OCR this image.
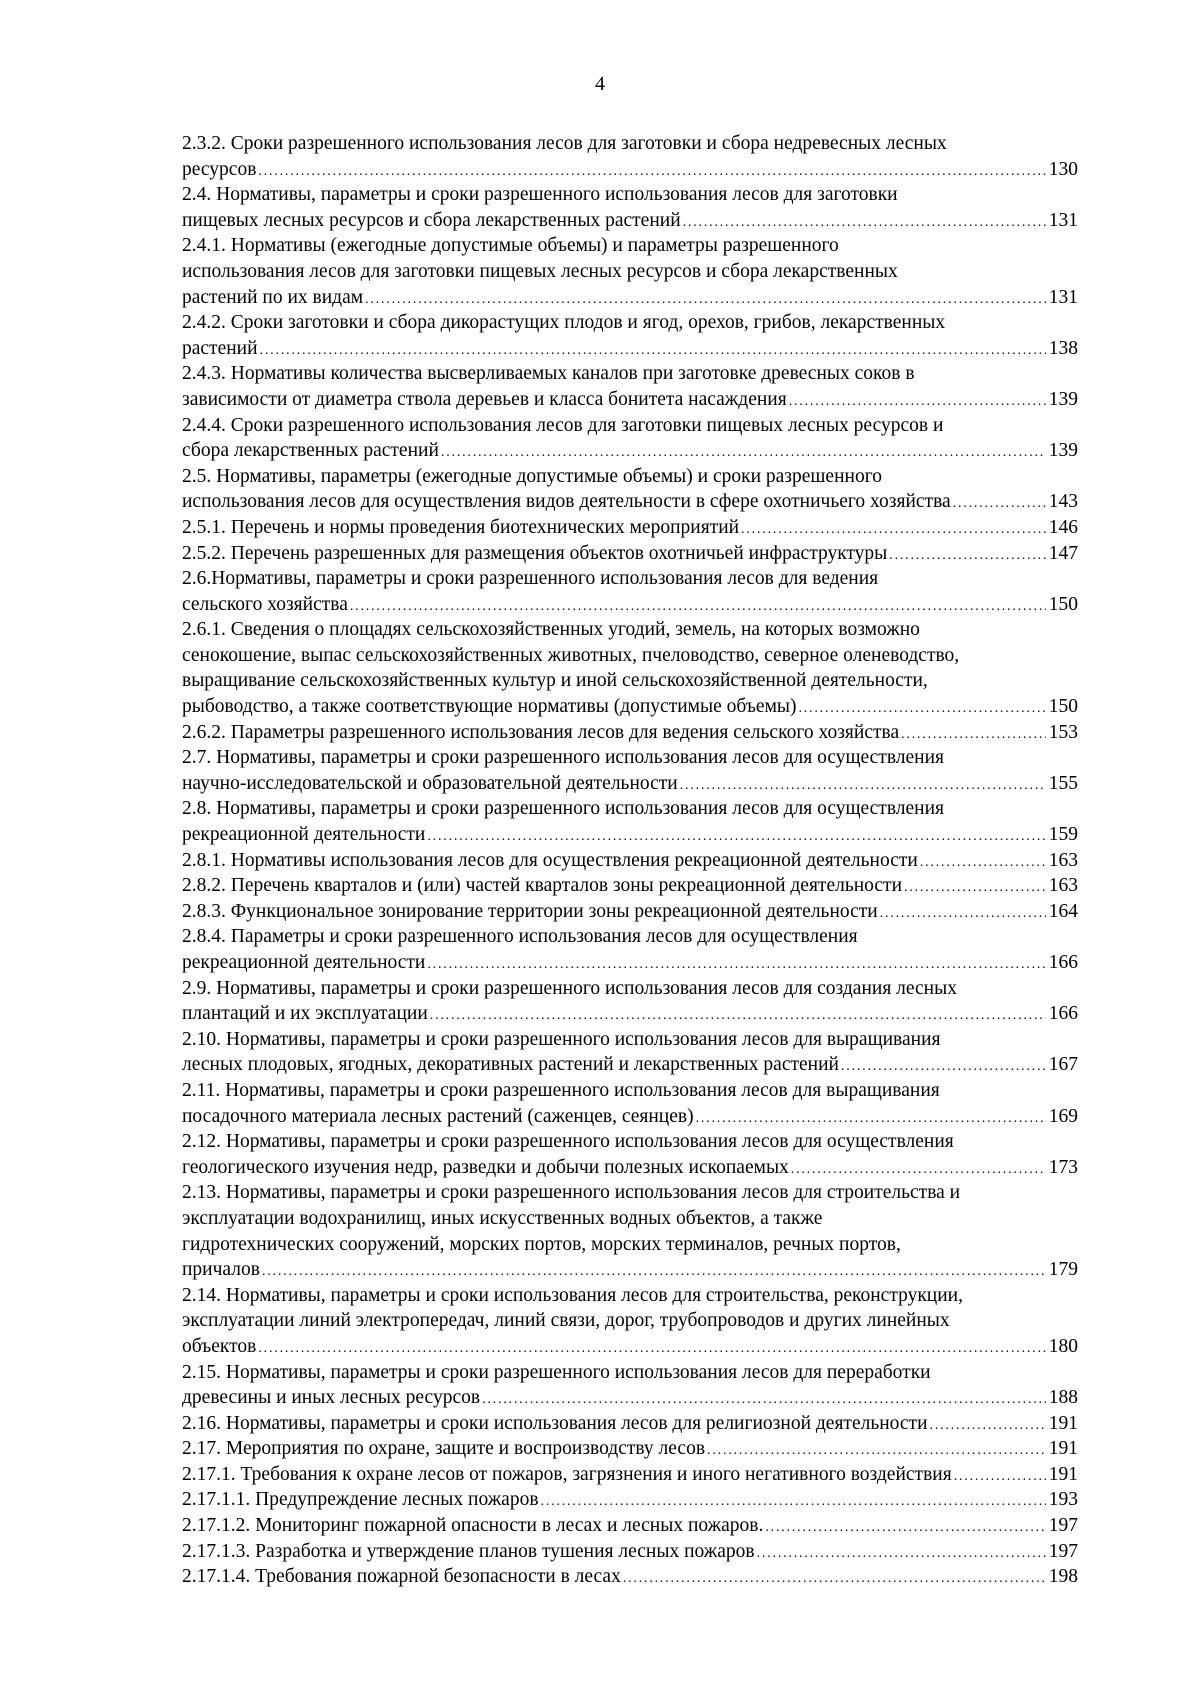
4
2.3.2. Сроки разрешенного использования лесов для заготовки и сбора недревесных лесных
ресурсов .....	130
2.4. Нормативы, параметры и сроки разрешенного использования лесов для заготовки
пищевых лесных ресурсов и сбора лекарственных растений .....	131
2.4.1. Нормативы (ежегодные допустимые объемы) и параметры разрешенного
использования лесов для заготовки пищевых лесных ресурсов и сбора лекарственных
растений по их видам .....	131
2.4.2. Сроки заготовки и сбора дикорастущих плодов и ягод, орехов, грибов, лекарственных
растений .....	138
2.4.3. Нормативы количества высверливаемых каналов при заготовке древесных соков в
зависимости от диаметра ствола деревьев и класса бонитета насаждения .....	139
2.4.4. Сроки разрешенного использования лесов для заготовки пищевых лесных ресурсов и
сбора лекарственных растений .....	139
2.5. Нормативы, параметры (ежегодные допустимые объемы) и сроки разрешенного
использования лесов для осуществления видов деятельности в сфере охотничьего хозяйства .....	143
2.5.1. Перечень и нормы проведения биотехнических мероприятий .....	146
2.5.2. Перечень разрешенных для размещения объектов охотничьей инфраструктуры .....	147
2.6.Нормативы, параметры и сроки разрешенного использования лесов для ведения
сельского хозяйства .....	150
2.6.1. Сведения о площадях сельскохозяйственных угодий, земель, на которых возможно
сенокошение, выпас сельскохозяйственных животных, пчеловодство, северное оленеводство,
выращивание сельскохозяйственных культур и иной сельскохозяйственной деятельности,
рыбоводство, а также соответствующие нормативы (допустимые объемы) .....	150
2.6.2. Параметры разрешенного использования лесов для ведения сельского хозяйства .....	153
2.7. Нормативы, параметры и сроки разрешенного использования лесов для осуществления
научно-исследовательской и образовательной деятельности .....	155
2.8. Нормативы, параметры и сроки разрешенного использования лесов для осуществления
рекреационной деятельности .....	159
2.8.1. Нормативы использования лесов для осуществления рекреационной деятельности .....	163
2.8.2. Перечень кварталов и (или) частей кварталов зоны рекреационной деятельности .....	163
2.8.3. Функциональное зонирование территории зоны рекреационной деятельности .....	164
2.8.4. Параметры и сроки разрешенного использования лесов для осуществления
рекреационной деятельности .....	166
2.9. Нормативы, параметры и сроки разрешенного использования лесов для создания лесных
плантаций и их эксплуатации .....	166
2.10. Нормативы, параметры и сроки разрешенного использования лесов для выращивания
лесных плодовых, ягодных, декоративных растений и лекарственных растений .....	167
2.11. Нормативы, параметры и сроки разрешенного использования лесов для выращивания
посадочного материала лесных растений (саженцев, сеянцев) .....	169
2.12. Нормативы, параметры и сроки разрешенного использования лесов для осуществления
геологического изучения недр, разведки и добычи полезных ископаемых .....	173
2.13. Нормативы, параметры и сроки разрешенного использования лесов для строительства и
эксплуатации водохранилищ, иных искусственных водных объектов, а также
гидротехнических сооружений, морских портов, морских терминалов, речных портов,
причалов .....	179
2.14. Нормативы, параметры и сроки использования лесов для строительства, реконструкции,
эксплуатации линий электропередач, линий связи, дорог, трубопроводов и других линейных
объектов .....	180
2.15. Нормативы, параметры и сроки разрешенного использования лесов для переработки
древесины и иных лесных ресурсов .....	188
2.16. Нормативы, параметры и сроки использования лесов для религиозной деятельности .....	191
2.17. Мероприятия по охране, защите и воспроизводству лесов .....	191
2.17.1. Требования к охране лесов от пожаров, загрязнения и иного негативного воздействия .....	191
2.17.1.1. Предупреждение лесных пожаров .....	193
2.17.1.2. Мониторинг пожарной опасности в лесах и лесных пожаров. .....	197
2.17.1.3. Разработка и утверждение планов тушения лесных пожаров .....	197
2.17.1.4. Требования пожарной безопасности в лесах .....	198
